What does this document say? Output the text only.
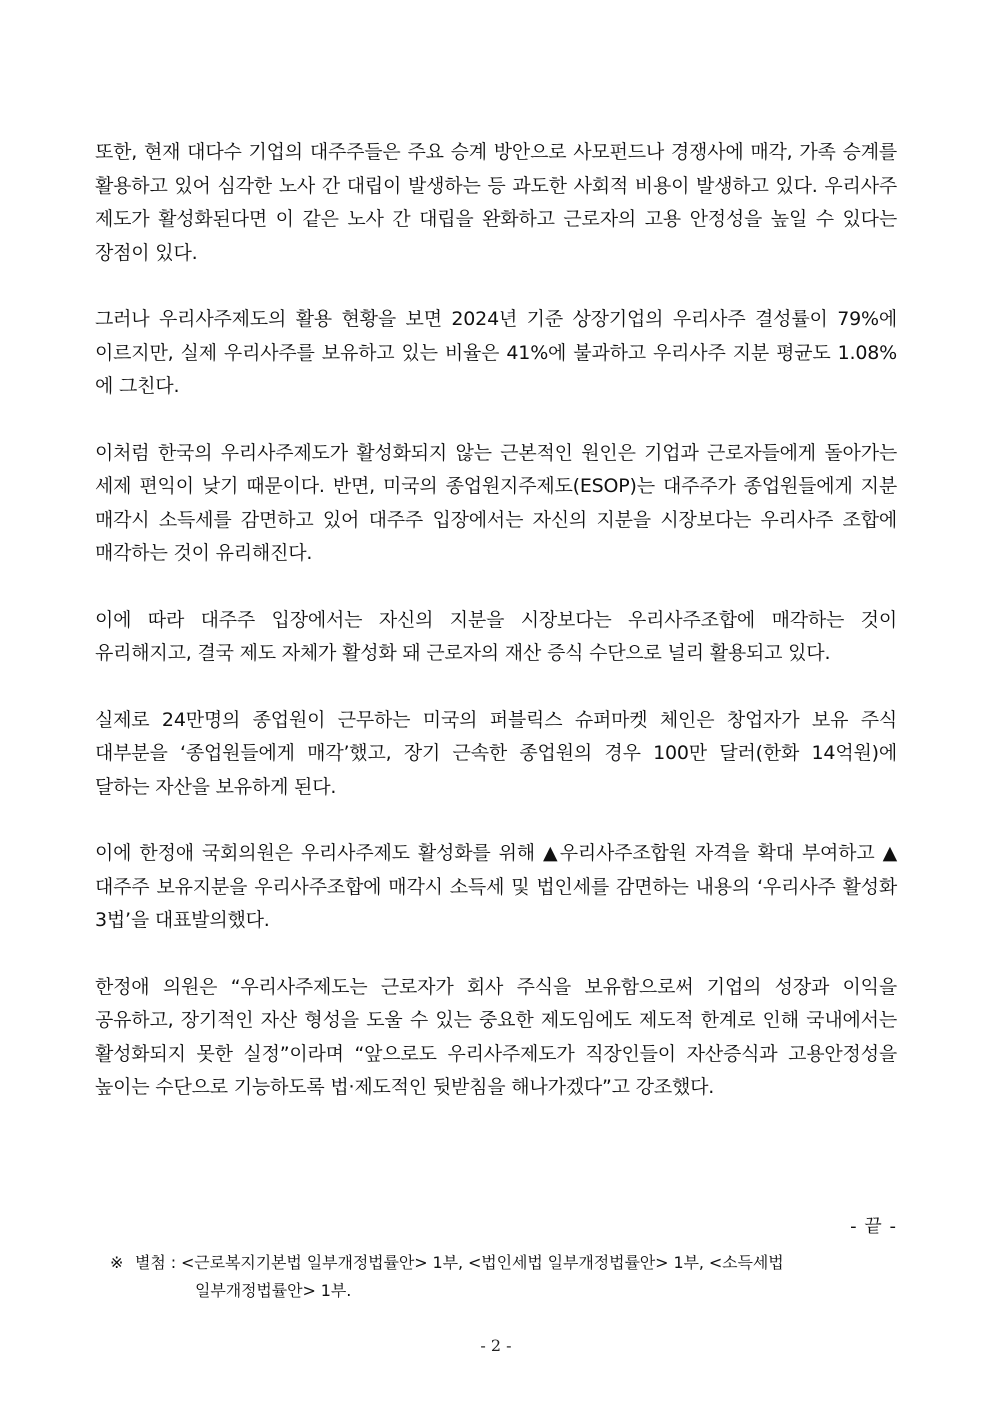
또한, 현재 대다수 기업의 대주주들은 주요 승계 방안으로 사모펀드나 경쟁사에 매각, 가족 승계를 활용하고 있어 심각한 노사 간 대립이 발생하는 등 과도한 사회적 비용이 발생하고 있다. 우리사주 제도가 활성화된다면 이 같은 노사 간 대립을 완화하고 근로자의 고용 안정성을 높일 수 있다는 장점이 있다.

그러나 우리사주제도의 활용 현황을 보면 2024년 기준 상장기업의 우리사주 결성률이 79%에 이르지만, 실제 우리사주를 보유하고 있는 비율은 41%에 불과하고 우리사주 지분 평균도 1.08%에 그친다.

이처럼 한국의 우리사주제도가 활성화되지 않는 근본적인 원인은 기업과 근로자들에게 돌아가는 세제 편익이 낮기 때문이다. 반면, 미국의 종업원지주제도(ESOP)는 대주주가 종업원들에게 지분 매각시 소득세를 감면하고 있어 대주주 입장에서는 자신의 지분을 시장보다는 우리사주 조합에 매각하는 것이 유리해진다.

이에 따라 대주주 입장에서는 자신의 지분을 시장보다는 우리사주조합에 매각하는 것이 유리해지고, 결국 제도 자체가 활성화 돼 근로자의 재산 증식 수단으로 널리 활용되고 있다.

실제로 24만명의 종업원이 근무하는 미국의 퍼블릭스 슈퍼마켓 체인은 창업자가 보유 주식 대부분을 ‘종업원들에게 매각’했고, 장기 근속한 종업원의 경우 100만 달러(한화 14억원)에 달하는 자산을 보유하게 된다.

이에 한정애 국회의원은 우리사주제도 활성화를 위해 ▲우리사주조합원 자격을 확대 부여하고 ▲대주주 보유지분을 우리사주조합에 매각시 소득세 및 법인세를 감면하는 내용의 ‘우리사주 활성화 3법’을 대표발의했다.

한정애 의원은 “우리사주제도는 근로자가 회사 주식을 보유함으로써 기업의 성장과 이익을 공유하고, 장기적인 자산 형성을 도울 수 있는 중요한 제도임에도 제도적 한계로 인해 국내에서는 활성화되지 못한 실정”이라며 “앞으로도 우리사주제도가 직장인들이 자산증식과 고용안정성을 높이는 수단으로 기능하도록 법·제도적인 뒷받침을 해나가겠다”고 강조했다.

- 끝 -
※ 별첨 : <근로복지기본법 일부개정법률안> 1부, <법인세법 일부개정법률안> 1부, <소득세법
일부개정법률안> 1부.
- 2 -
